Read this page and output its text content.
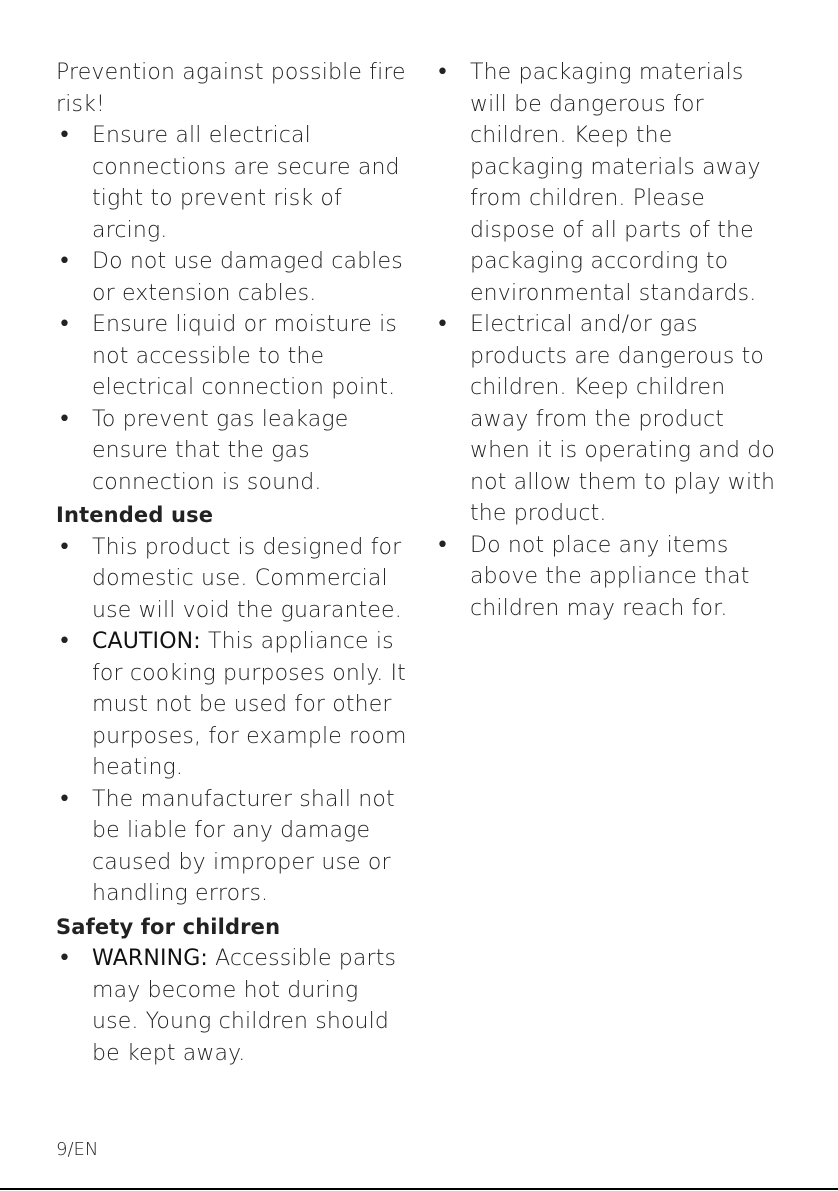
Prevention against possible fire risk!

• Ensure all electrical connections are secure and tight to prevent risk of arcing.
• Do not use damaged cables or extension cables.
• Ensure liquid or moisture is not accessible to the electrical connection point.
• To prevent gas leakage ensure that the gas connection is sound.
Intended use
• This product is designed for domestic use. Commercial use will void the guarantee.
• CAUTION: This appliance is for cooking purposes only. It must not be used for other purposes, for example room heating.
• The manufacturer shall not be liable for any damage caused by improper use or handling errors.
Safety for children
• WARNING: Accessible parts may become hot during use. Young children should be kept away.
• The packaging materials will be dangerous for children. Keep the packaging materials away from children. Please dispose of all parts of the packaging according to environmental standards.
• Electrical and/or gas products are dangerous to children. Keep children away from the product when it is operating and do not allow them to play with the product.
• Do not place any items above the appliance that children may reach for.
9/EN
